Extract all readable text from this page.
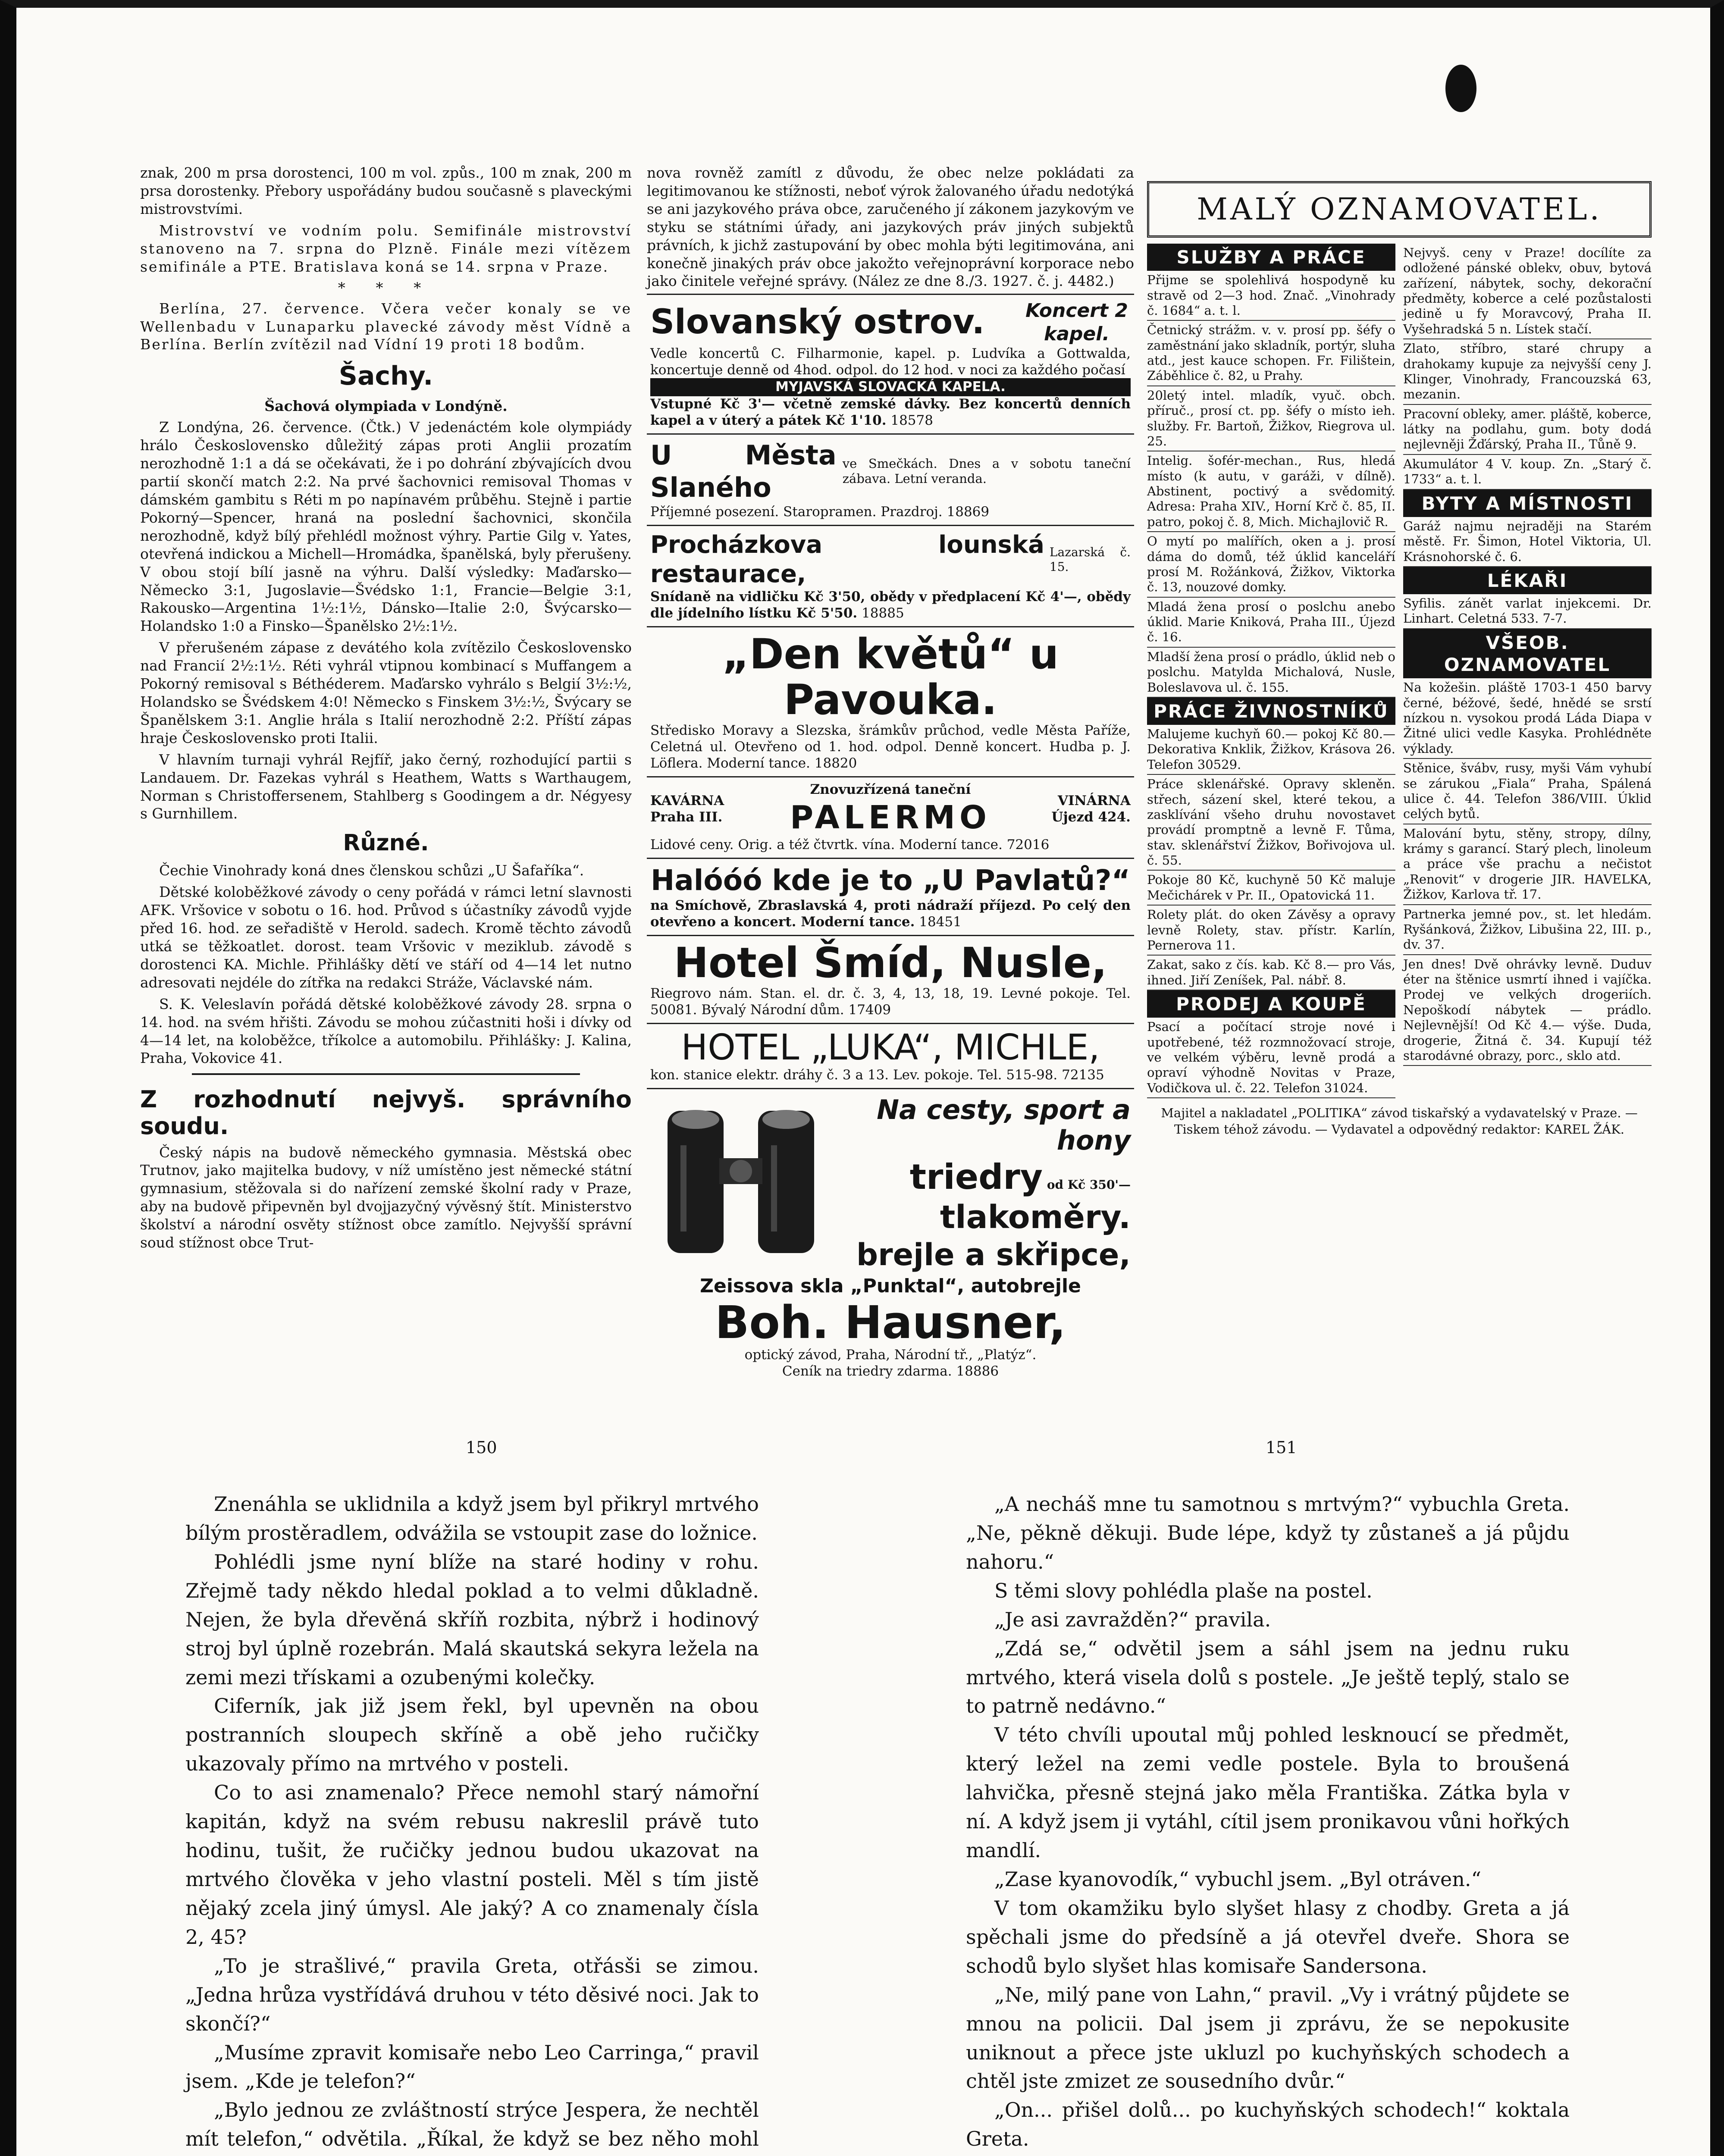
znak, 200 m prsa dorostenci, 100 m vol. způs., 100 m znak, 200 m prsa dorostenky. Přebory uspořádány budou současně s plaveckými mistrovstvími.

Mistrovství ve vodním polu. Semifinále mistrovství stanoveno na 7. srpna do Plzně. Finále mezi vítězem semifinále a PTE. Bratislava koná se 14. srpna v Praze.

* * *

Berlína, 27. července. Včera večer konaly se ve Wellenbadu v Lunaparku plavecké závody měst Vídně a Berlína. Berlín zvítězil nad Vídní 19 proti 18 bodům.

Šachy.
Šachová olympiada v Londýně.

Z Londýna, 26. července. (Čtk.) V jedenáctém kole olympiády hrálo Československo důležitý zápas proti Anglii prozatím nerozhodně 1:1 a dá se očekávati, že i po dohrání zbývajících dvou partií skončí match 2:2. Na prvé šachovnici remisoval Thomas v dámském gambitu s Réti m po napínavém průběhu. Stejně i partie Pokorný—Spencer, hraná na poslední šachovnici, skončila nerozhodně, když bílý přehlédl možnost výhry. Partie Gilg v. Yates, otevřená indickou a Michell—Hromádka, španělská, byly přerušeny. V obou stojí bílí jasně na výhru. Další výsledky: Maďarsko—Německo 3:1, Jugoslavie—Švédsko 1:1, Francie—Belgie 3:1, Rakousko—Argentina 1½:1½, Dánsko—Italie 2:0, Švýcarsko—Holandsko 1:0 a Finsko—Španělsko 2½:1½.

V přerušeném zápase z devátého kola zvítězilo Československo nad Francií 2½:1½. Réti vyhrál vtipnou kombinací s Muffangem a Pokorný remisoval s Béthéderem. Maďarsko vyhrálo s Belgií 3½:½, Holandsko se Švédskem 4:0! Německo s Finskem 3½:½, Švýcary se Španělskem 3:1. Anglie hrála s Italií nerozhodně 2:2. Příští zápas hraje Československo proti Italii.

V hlavním turnaji vyhrál Rejfíř, jako černý, rozhodující partii s Landauem. Dr. Fazekas vyhrál s Heathem, Watts s Warthaugem, Norman s Christoffersenem, Stahlberg s Goodingem a dr. Négyesy s Gurnhillem.

Různé.

Čechie Vinohrady koná dnes členskou schůzi „U Šafaříka“.

Dětské koloběžkové závody o ceny pořádá v rámci letní slavnosti AFK. Vršovice v sobotu o 16. hod. Průvod s účastníky závodů vyjde před 16. hod. ze seřadiště v Herold. sadech. Kromě těchto závodů utká se těžkoatlet. dorost. team Vršovic v meziklub. závodě s dorostenci KA. Michle. Přihlášky dětí ve stáří od 4—14 let nutno adresovati nejdéle do zítřka na redakci Stráže, Václavské nám.

S. K. Veleslavín pořádá dětské koloběžkové závody 28. srpna o 14. hod. na svém hřišti. Závodu se mohou zúčastniti hoši i dívky od 4—14 let, na koloběžce, tříkolce a automobilu. Přihlášky: J. Kalina, Praha, Vokovice 41.

Z rozhodnutí nejvyš. správního soudu.

Český nápis na budově německého gymnasia. Městská obec Trutnov, jako majitelka budovy, v níž umístěno jest německé státní gymnasium, stěžovala si do nařízení zemské školní rady v Praze, aby na budově připevněn byl dvojjazyčný vývěsný štít. Ministerstvo školství a národní osvěty stížnost obce zamítlo. Nejvyšší správní soud stížnost obce Trut-

nova rovněž zamítl z důvodu, že obec nelze pokládati za legitimovanou ke stížnosti, neboť výrok žalovaného úřadu nedotýká se ani jazykového práva obce, zaručeného jí zákonem jazykovým ve styku se státními úřady, ani jazykových práv jiných subjektů právních, k jichž zastupování by obec mohla býti legitimována, ani konečně jinakých práv obce jakožto veřejnoprávní korporace nebo jako činitele veřejné správy. (Nález ze dne 8./3. 1927. č. j. 4482.)

Slovanský ostrov. Koncert 2 kapel.
Vedle koncertů C. Filharmonie, kapel. p. Ludvíka a Gottwalda, koncertuje denně od 4hod. odpol. do 12 hod. v noci za každého počasí
MYJAVSKÁ SLOVACKÁ KAPELA.
Vstupné Kč 3'— včetně zemské dávky. Bez koncertů denních kapel a v úterý a pátek Kč 1'10. 18578
U Města Slaného
ve Smečkách. Dnes a v sobotu taneční zábava. Letní veranda.
Příjemné posezení. Staropramen. Prazdroj. 18869
Procházkova lounská restaurace,
Lazarská č. 15.
Snídaně na vidličku Kč 3'50, obědy v předplacení Kč 4'—, obědy dle jídelního lístku Kč 5'50. 18885
„Den květů“ u Pavouka.
Středisko Moravy a Slezska, šrámkův průchod, vedle Města Paříže, Celetná ul. Otevřeno od 1. hod. odpol. Denně koncert. Hudba p. J. Löflera. Moderní tance. 18820
KAVÁRNA Praha III.
Znovuzřízená taneční
PALERMO	VINÁRNA Újezd 424.
Lidové ceny. Orig. a též čtvrtk. vína. Moderní tance. 72016
Halóóó kde je to „U Pavlatů?“
na Smíchově, Zbraslavská 4, proti nádraží příjezd. Po celý den otevřeno a koncert. Moderní tance. 18451
Hotel Šmíd, Nusle,
Riegrovo nám. Stan. el. dr. č. 3, 4, 13, 18, 19. Levné pokoje. Tel. 50081. Bývalý Národní dům. 17409
HOTEL „LUKA“, MICHLE,
kon. stanice elektr. dráhy č. 3 a 13. Lev. pokoje. Tel. 515-98. 72135
Na cesty, sport a hony
triedry od Kč 350'—
tlakoměry.
brejle a skřipce,
Zeissova skla „Punktal“, autobrejle
Boh. Hausner,
optický závod, Praha, Národní tř., „Platýz“.
Ceník na triedry zdarma. 18886
MALÝ OZNAMOVATEL.
SLUŽBY A PRÁCE
Přijme se spolehlivá hospodyně ku stravě od 2—3 hod. Znač. „Vinohrady č. 1684“ a. t. l.
Četnický strážm. v. v. prosí pp. šéfy o zaměstnání jako skladník, portýr, sluha atd., jest kauce schopen. Fr. Filištein, Záběhlice č. 82, u Prahy.
20letý intel. mladík, vyuč. obch. příruč., prosí ct. pp. šéfy o místo ieh. služby. Fr. Bartoň, Žižkov, Riegrova ul. 25.
Intelig. šofér-mechan., Rus, hledá místo (k autu, v garáži, v dílně). Abstinent, poctivý a svědomitý. Adresa: Praha XIV., Horní Krč č. 85, II. patro, pokoj č. 8, Mich. Michajlovič R.
O mytí po malířích, oken a j. prosí dáma do domů, též úklid kanceláří prosí M. Rožánková, Žižkov, Viktorka č. 13, nouzové domky.
Mladá žena prosí o poslchu anebo úklid. Marie Kniková, Praha III., Újezd č. 16.
Mladší žena prosí o prádlo, úklid neb o poslchu. Matylda Michalová, Nusle, Boleslavova ul. č. 155.
PRÁCE ŽIVNOSTNÍKŮ
Malujeme kuchyň 60.— pokoj Kč 80.— Dekorativa Knklik, Žižkov, Krásova 26. Telefon 30529.
Práce sklenářské. Opravy skleněn. střech, sázení skel, které tekou, a zasklívání všeho druhu novostavet provádí promptně a levně F. Tůma, stav. sklenářství Žižkov, Bořivojova ul. č. 55.
Pokoje 80 Kč, kuchyně 50 Kč maluje Mečichárek v Pr. II., Opatovická 11.
Rolety plát. do oken Závěsy a opravy levně Rolety, stav. přístr. Karlín, Pernerova 11.
Zakat, sako z čís. kab. Kč 8.— pro Vás, ihned. Jiří Zeníšek, Pal. nábř. 8.
PRODEJ A KOUPĚ
Psací a počítací stroje nové i upotřebené, též rozmnožovací stroje, ve velkém výběru, levně prodá a opraví výhodně Novitas v Praze, Vodičkova ul. č. 22. Telefon 31024.
Nejvyš. ceny v Praze! docílíte za odložené pánské oblekv, obuv, bytová zařízení, nábytek, sochy, dekorační předměty, koberce a celé pozůstalosti jedině u fy Moravcový, Praha II. Vyšehradská 5 n. Lístek stačí.
Zlato, stříbro, staré chrupy a drahokamy kupuje za nejvyšší ceny J. Klinger, Vinohrady, Francouzská 63, mezanin.
Pracovní obleky, amer. pláště, koberce, látky na podlahu, gum. boty dodá nejlevněji Žďárský, Praha II., Tůně 9.
Akumulátor 4 V. koup. Zn. „Starý č. 1733“ a. t. l.
BYTY A MÍSTNOSTI
Garáž najmu nejraději na Starém městě. Fr. Šimon, Hotel Viktoria, Ul. Krásnohorské č. 6.
LÉKAŘI
Syfilis. zánět varlat injekcemi. Dr. Linhart. Celetná 533. 7-7.
VŠEOB. OZNAMOVATEL
Na kožešin. pláště 1703-1 450 barvy černé, béžové, šedé, hnědé se srstí nízkou n. vysokou prodá Láda Diapa v Žitné ulici vedle Kasyka. Prohlédněte výklady.
Stěnice, švábv, rusy, myši Vám vyhubí se zárukou „Fiala“ Praha, Spálená ulice č. 44. Telefon 386/VIII. Úklid celých bytů.
Malování bytu, stěny, stropy, dílny, krámy s garancí. Starý plech, linoleum a práce vše prachu a nečistot „Renovit“ v drogerie JIR. HAVELKA, Žižkov, Karlova tř. 17.
Partnerka jemné pov., st. let hledám. Ryšánková, Žižkov, Libušina 22, III. p., dv. 37.
Jen dnes! Dvě ohrávky levně. Duduv éter na štěnice usmrtí ihned i vajíčka. Prodej ve velkých drogeriích. Nepoškodí nábytek — prádlo. Nejlevnější! Od Kč 4.— výše. Duda, drogerie, Žitná č. 34. Kupují též starodávné obrazy, porc., sklo atd.
Majitel a nakladatel „POLITIKA“ závod tiskařský a vydavatelský v Praze. — Tiskem téhož závodu. — Vydavatel a odpovědný redaktor: KAREL ŽÁK.
150	151

Znenáhla se uklidnila a když jsem byl přikryl mrtvého bílým prostěradlem, odvážila se vstoupit zase do ložnice.

Pohlédli jsme nyní blíže na staré hodiny v rohu. Zřejmě tady někdo hledal poklad a to velmi důkladně. Nejen, že byla dřevěná skříň rozbita, nýbrž i hodinový stroj byl úplně rozebrán. Malá skautská sekyra ležela na zemi mezi třískami a ozubenými kolečky.

Ciferník, jak již jsem řekl, byl upevněn na obou postranních sloupech skříně a obě jeho ručičky ukazovaly přímo na mrtvého v posteli.

Co to asi znamenalo? Přece nemohl starý námořní kapitán, když na svém rebusu nakreslil právě tuto hodinu, tušit, že ručičky jednou budou ukazovat na mrtvého člověka v jeho vlastní posteli. Měl s tím jistě nějaký zcela jiný úmysl. Ale jaký? A co znamenaly čísla 2, 45?

„To je strašlivé,“ pravila Greta, otřásši se zimou. „Jedna hrůza vystřídává druhou v této děsivé noci. Jak to skončí?“

„Musíme zpravit komisaře nebo Leo Carringa,“ pravil jsem. „Kde je telefon?“

„Bylo jednou ze zvláštností strýce Jespera, že nechtěl mít telefon,“ odvětila. „Říkal, že když se bez něho mohl

„A necháš mne tu samotnou s mrtvým?“ vybuchla Greta. „Ne, pěkně děkuji. Bude lépe, když ty zůstaneš a já půjdu nahoru.“

S těmi slovy pohlédla plaše na postel.

„Je asi zavražděn?“ pravila.

„Zdá se,“ odvětil jsem a sáhl jsem na jednu ruku mrtvého, která visela dolů s postele. „Je ještě teplý, stalo se to patrně nedávno.“

V této chvíli upoutal můj pohled lesknoucí se předmět, který ležel na zemi vedle postele. Byla to broušená lahvička, přesně stejná jako měla Františka. Zátka byla v ní. A když jsem ji vytáhl, cítil jsem pronikavou vůni hořkých mandlí.

„Zase kyanovodík,“ vybuchl jsem. „Byl otráven.“

V tom okamžiku bylo slyšet hlasy z chodby. Greta a já spěchali jsme do předsíně a já otevřel dveře. Shora se schodů bylo slyšet hlas komisaře Sandersona.

„Ne, milý pane von Lahn,“ pravil. „Vy i vrátný půjdete se mnou na policii. Dal jsem ji zprávu, že se nepokusite uniknout a přece jste ukluzl po kuchyňských schodech a chtěl jste zmizet ze sousedního dvůr.“

„On... přišel dolů... po kuchyňských schodech!“ koktala Greta.
